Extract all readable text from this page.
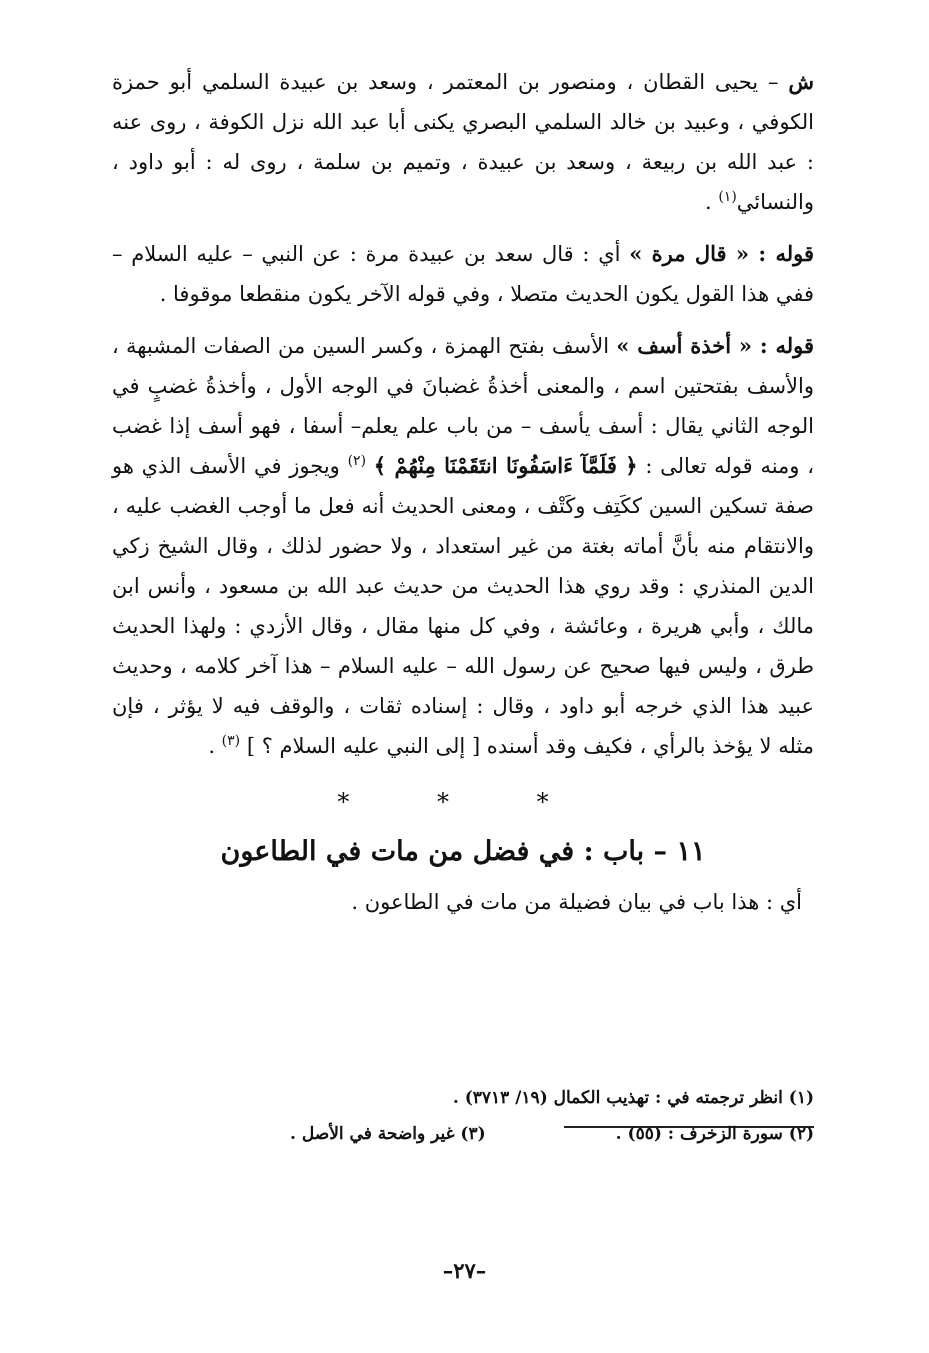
ش – يحيى القطان ، ومنصور بن المعتمر ، وسعد بن عبيدة السلمي أبو حمزة الكوفي ، وعبيد بن خالد السلمي البصري يكنى أبا عبد الله نزل الكوفة ، روى عنه : عبد الله بن ربيعة ، وسعد بن عبيدة ، وتميم بن سلمة ، روى له : أبو داود ، والنسائي$^{(١)}$ .

قوله : « قال مرة » أي : قال سعد بن عبيدة مرة : عن النبي – عليه السلام – ففي هذا القول يكون الحديث متصلا ، وفي قوله الآخر يكون منقطعا موقوفا .

قوله : « أخذة أسف » الأسف بفتح الهمزة ، وكسر السين من الصفات المشبهة ، والأسف بفتحتين اسم ، والمعنى أخذةُ غضبانَ في الوجه الأول ، وأخذةُ غضبٍ في الوجه الثاني يقال : أسف يأسف – من باب علم يعلم– أسفا ، فهو أسف إذا غضب ، ومنه قوله تعالى : ﴿ فَلَمَّآ ءَاسَفُونَا انتَقَمْنَا مِنْهُمْ ﴾ $^{(٢)}$ ويجوز في الأسف الذي هو صفة تسكين السين ككَتِف وكَتْف ، ومعنى الحديث أنه فعل ما أوجب الغضب عليه ، والانتقام منه بأنَّ أماته بغتة من غير استعداد ، ولا حضور لذلك ، وقال الشيخ زكي الدين المنذري : وقد روي هذا الحديث من حديث عبد الله بن مسعود ، وأنس ابن مالك ، وأبي هريرة ، وعائشة ، وفي كل منها مقال ، وقال الأزدي : ولهذا الحديث طرق ، وليس فيها صحيح عن رسول الله – عليه السلام – هذا آخر كلامه ، وحديث عبيد هذا الذي خرجه أبو داود ، وقال : إسناده ثقات ، والوقف فيه لا يؤثر ، فإن مثله لا يؤخذ بالرأي ، فكيف وقد أسنده [ إلى النبي عليه السلام ؟ ] $^{(٣)}$ .

* * *
١١ – باب : في فضل من مات في الطاعون
أي : هذا باب في بيان فضيلة من مات في الطاعون .
(١) انظر ترجمته في : تهذيب الكمال (١٩/ ٣٧١٣) .
(٢) سورة الزخرف : (٥٥) .(٣) غير واضحة في الأصل .
–٢٧–
